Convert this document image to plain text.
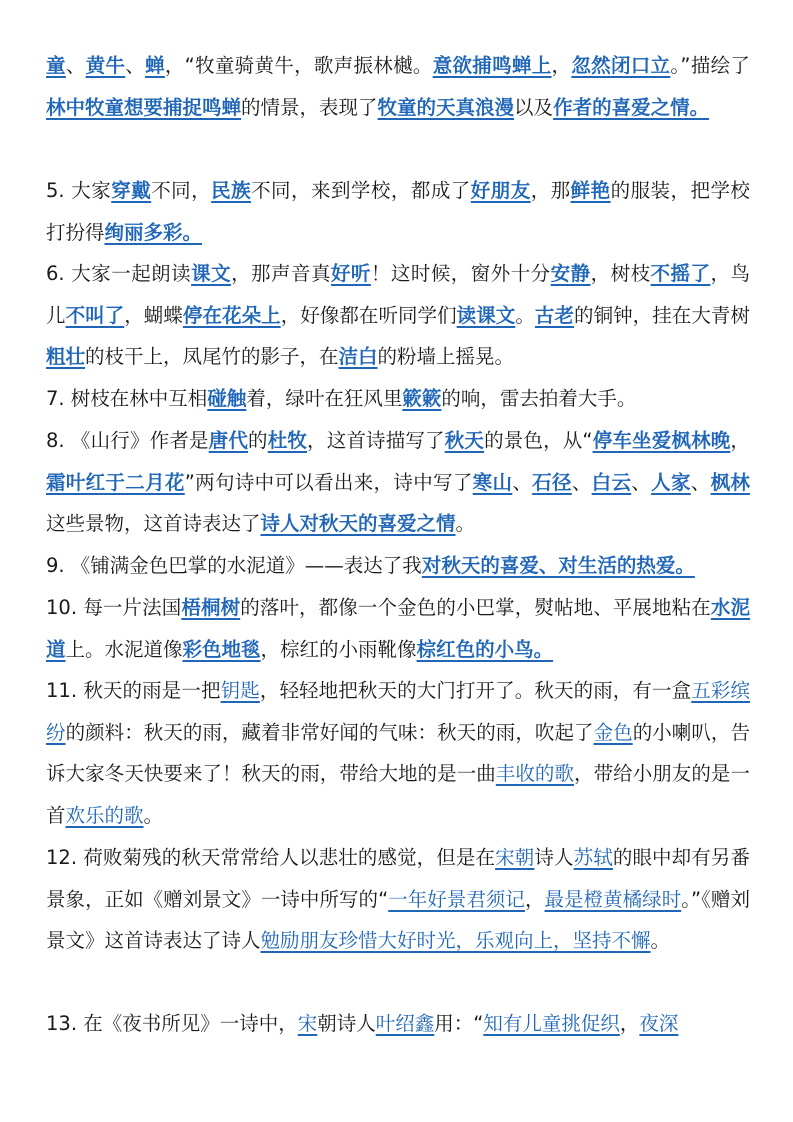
童、黄牛、蝉，“牧童骑黄牛，歌声振林樾。意欲捕鸣蝉上，忽然闭口立。”描绘了林中牧童想要捕捉鸣蝉的情景，表现了牧童的天真浪漫以及作者的喜爱之情。

5. 大家穿戴不同，民族不同，来到学校，都成了好朋友，那鲜艳的服装，把学校打扮得绚丽多彩。

6. 大家一起朗读课文，那声音真好听！这时候，窗外十分安静，树枝不摇了，鸟儿不叫了，蝴蝶停在花朵上，好像都在听同学们读课文。古老的铜钟，挂在大青树粗壮的枝干上，凤尾竹的影子，在洁白的粉墙上摇晃。

7. 树枝在林中互相碰触着，绿叶在狂风里簌簌的响，雷去拍着大手。

8. 《山行》作者是唐代的杜牧，这首诗描写了秋天的景色，从“停车坐爱枫林晚，霜叶红于二月花”两句诗中可以看出来，诗中写了寒山、石径、白云、人家、枫林这些景物，这首诗表达了诗人对秋天的喜爱之情。

9. 《铺满金色巴掌的水泥道》——表达了我对秋天的喜爱、对生活的热爱。

10. 每一片法国梧桐树的落叶，都像一个金色的小巴掌，熨帖地、平展地粘在水泥道上。水泥道像彩色地毯，棕红的小雨靴像棕红色的小鸟。

11. 秋天的雨是一把钥匙，轻轻地把秋天的大门打开了。秋天的雨，有一盒五彩缤纷的颜料：秋天的雨，藏着非常好闻的气味：秋天的雨，吹起了金色的小喇叭，告诉大家冬天快要来了！秋天的雨，带给大地的是一曲丰收的歌，带给小朋友的是一首欢乐的歌。

12. 荷败菊残的秋天常常给人以悲壮的感觉，但是在宋朝诗人苏轼的眼中却有另番景象，正如《赠刘景文》一诗中所写的“一年好景君须记，最是橙黄橘绿时。”《赠刘景文》这首诗表达了诗人勉励朋友珍惜大好时光，乐观向上，坚持不懈。

13. 在《夜书所见》一诗中，宋朝诗人叶绍鑫用：“知有儿童挑促织，夜深
